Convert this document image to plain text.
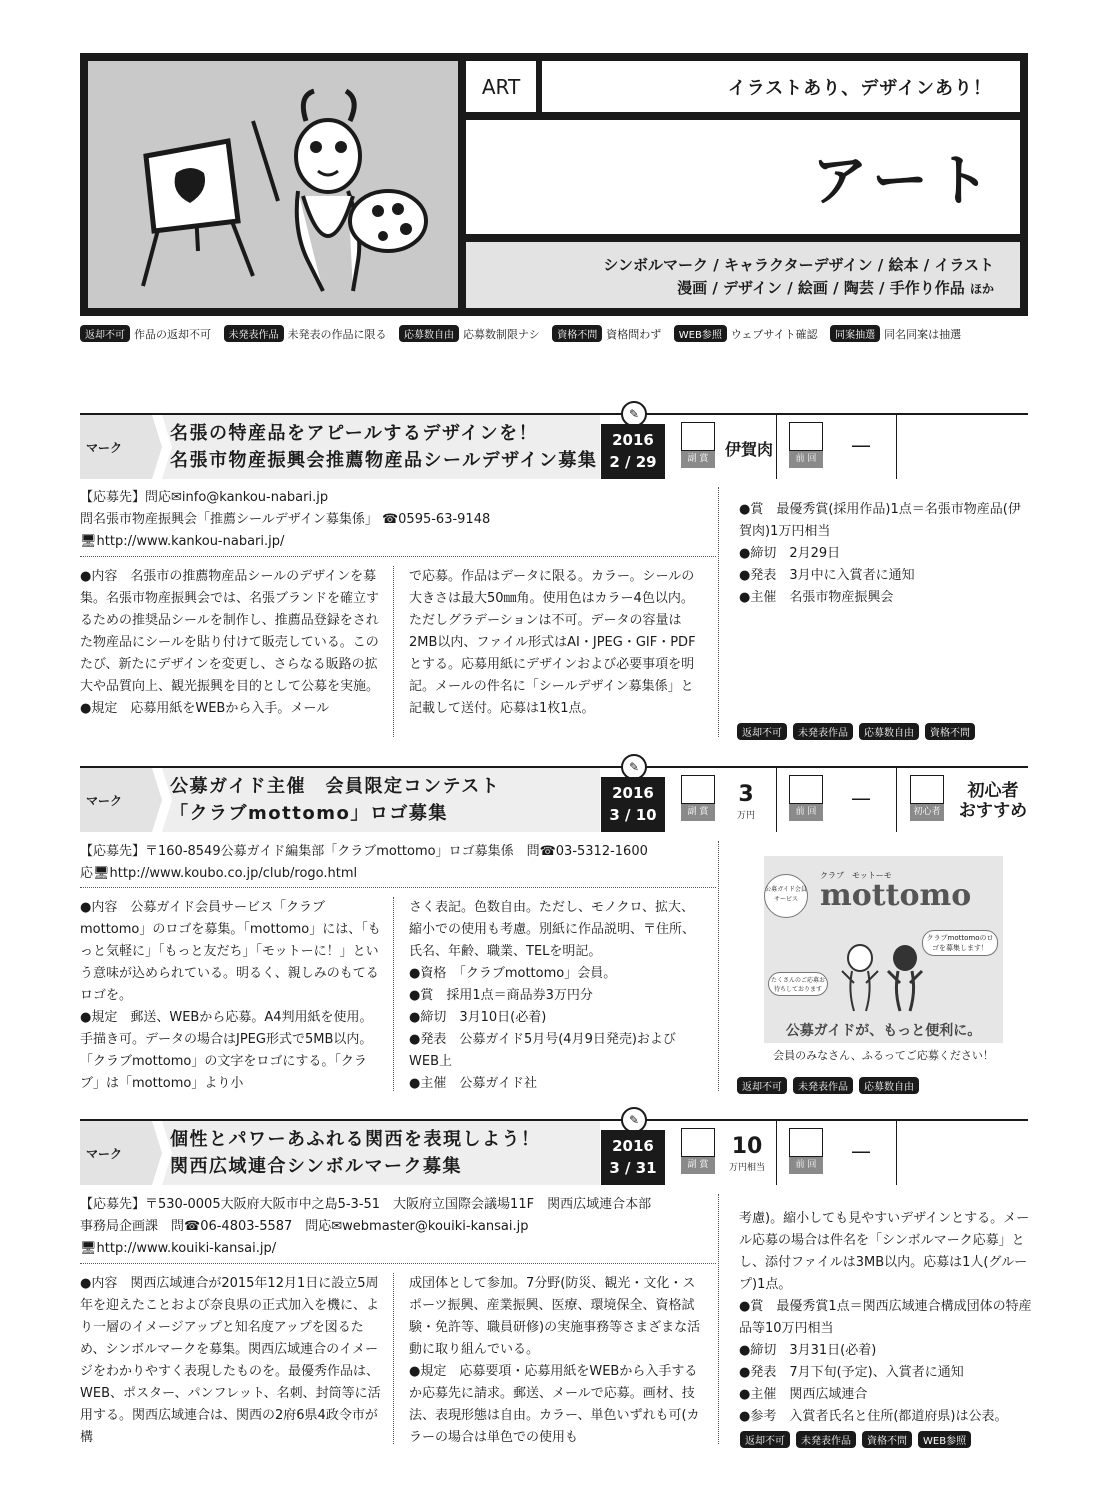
ART	イラストあり、デザインあり！
アート
シンボルマーク / キャラクターデザイン / 絵本 / イラスト
漫画 / デザイン / 絵画 / 陶芸 / 手作り作品 ほか
返却不可 作品の返却不可 未発表作品 未発表の作品に限る 応募数自由 応募数制限ナシ 資格不問 資格問わず WEB参照 ウェブサイト確認 同案抽選 同名同案は抽選
マーク
名張の特産品をアピールするデザインを！
名張市物産振興会推薦物産品シールデザイン募集
✎
2016
2 / 29	副 賞	伊賀肉	前 回
—

【応募先】問応✉info@kankou-nabari.jp

問名張市物産振興会「推薦シールデザイン募集係」 ☎0595-63-9148

🖥http://www.kankou-nabari.jp/

●内容　名張市の推薦物産品シールのデザインを募集。名張市物産振興会では、名張ブランドを確立するための推奨品シールを制作し、推薦品登録をされた物産品にシールを貼り付けて販売している。このたび、新たにデザインを変更し、さらなる販路の拡大や品質向上、観光振興を目的として公募を実施。

●規定　応募用紙をWEBから入手。メール

で応募。作品はデータに限る。カラー。シールの大きさは最大50㎜角。使用色はカラー4色以内。ただしグラデーションは不可。データの容量は2MB以内、ファイル形式はAI・JPEG・GIF・PDFとする。応募用紙にデザインおよび必要事項を明記。メールの件名に「シールデザイン募集係」と記載して送付。応募は1枚1点。

●賞　最優秀賞(採用作品)1点＝名張市物産品(伊賀肉)1万円相当

●締切　2月29日

●発表　3月中に入賞者に通知

●主催　名張市物産振興会

返却不可 未発表作品 応募数自由 資格不問
マーク
公募ガイド主催　会員限定コンテスト
「クラブmottomo」ロゴ募集
✎
2016
3 / 10	副 賞
3
万円	前 回
—
初心者
初心者
おすすめ

【応募先】〒160-8549公募ガイド編集部「クラブmottomo」ロゴ募集係　問☎03-5312-1600

応🖥http://www.koubo.co.jp/club/rogo.html

●内容　公募ガイド会員サービス「クラブmottomo」のロゴを募集。「mottomo」には、「もっと気軽に」「もっと友だち」「モットーに！」という意味が込められている。明るく、親しみのもてるロゴを。

●規定　郵送、WEBから応募。A4判用紙を使用。手描き可。データの場合はJPEG形式で5MB以内。「クラブmottomo」の文字をロゴにする。「クラブ」は「mottomo」より小

さく表記。色数自由。ただし、モノクロ、拡大、縮小での使用も考慮。別紙に作品説明、〒住所、氏名、年齢、職業、TELを明記。

●資格　「クラブmottomo」会員。

●賞　採用1点＝商品券3万円分

●締切　3月10日(必着)

●発表　公募ガイド5月号(4月9日発売)およびWEB上

●主催　公募ガイド社

クラブ　モットーモ
公募ガイド会員サービス mottomo
クラブmottomoのロゴを募集します！
たくさんのご応募お待ちしております
公募ガイドが、もっと便利に。
会員のみなさん、ふるってご応募ください！
返却不可 未発表作品 応募数自由
マーク
個性とパワーあふれる関西を表現しよう！
関西広域連合シンボルマーク募集
✎
2016
3 / 31	副 賞
10
万円相当	前 回
—

【応募先】〒530-0005大阪府大阪市中之島5-3-51　大阪府立国際会議場11F　関西広域連合本部

事務局企画課　問☎06-4803-5587　問応✉webmaster@kouiki-kansai.jp

🖥http://www.kouiki-kansai.jp/

●内容　関西広域連合が2015年12月1日に設立5周年を迎えたことおよび奈良県の正式加入を機に、より一層のイメージアップと知名度アップを図るため、シンボルマークを募集。関西広域連合のイメージをわかりやすく表現したものを。最優秀作品は、WEB、ポスター、パンフレット、名刺、封筒等に活用する。関西広域連合は、関西の2府6県4政令市が構

成団体として参加。7分野(防災、観光・文化・スポーツ振興、産業振興、医療、環境保全、資格試験・免許等、職員研修)の実施事務等さまざまな活動に取り組んでいる。

●規定　応募要項・応募用紙をWEBから入手するか応募先に請求。郵送、メールで応募。画材、技法、表現形態は自由。カラー、単色いずれも可(カラーの場合は単色での使用も

考慮)。縮小しても見やすいデザインとする。メール応募の場合は件名を「シンボルマーク応募」とし、添付ファイルは3MB以内。応募は1人(グループ)1点。

●賞　最優秀賞1点＝関西広域連合構成団体の特産品等10万円相当

●締切　3月31日(必着)

●発表　7月下旬(予定)、入賞者に通知

●主催　関西広域連合

●参考　入賞者氏名と住所(都道府県)は公表。

返却不可 未発表作品 資格不問 WEB参照
